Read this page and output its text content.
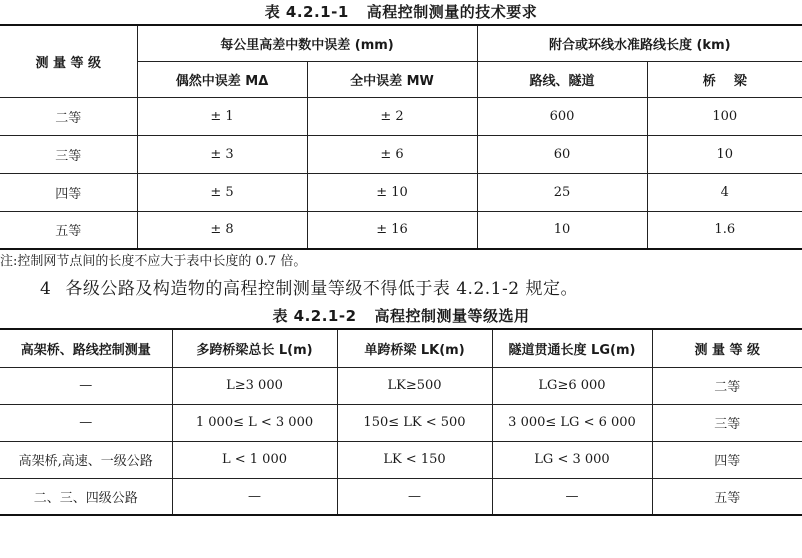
表 4.2.1-1 高程控制测量的技术要求
测 量 等 级	每公里高差中数中误差 (mm)		附合或环线水准路线长度 (km)	
	偶然中误差 MΔ	全中误差 MW	路线、隧道	桥    梁
二等	± 1	± 2	600	100
三等	± 3	± 6	60	10
四等	± 5	± 10	25	4
五等	± 8	± 16	10	1.6
注:控制网节点间的长度不应大于表中长度的 0.7 倍。
4 各级公路及构造物的高程控制测量等级不得低于表 4.2.1-2 规定。
表 4.2.1-2 高程控制测量等级选用
高架桥、路线控制测量	多跨桥梁总长 L(m)	单跨桥梁 LK(m)	隧道贯通长度 LG(m)	测 量 等 级
—	L≥3 000	LK≥500	LG≥6 000	二等
—	1 000≤ L < 3 000	150≤ LK < 500	3 000≤ LG < 6 000	三等
高架桥,高速、一级公路	L < 1 000	LK < 150	LG < 3 000	四等
二、三、四级公路	—	—	—	五等
